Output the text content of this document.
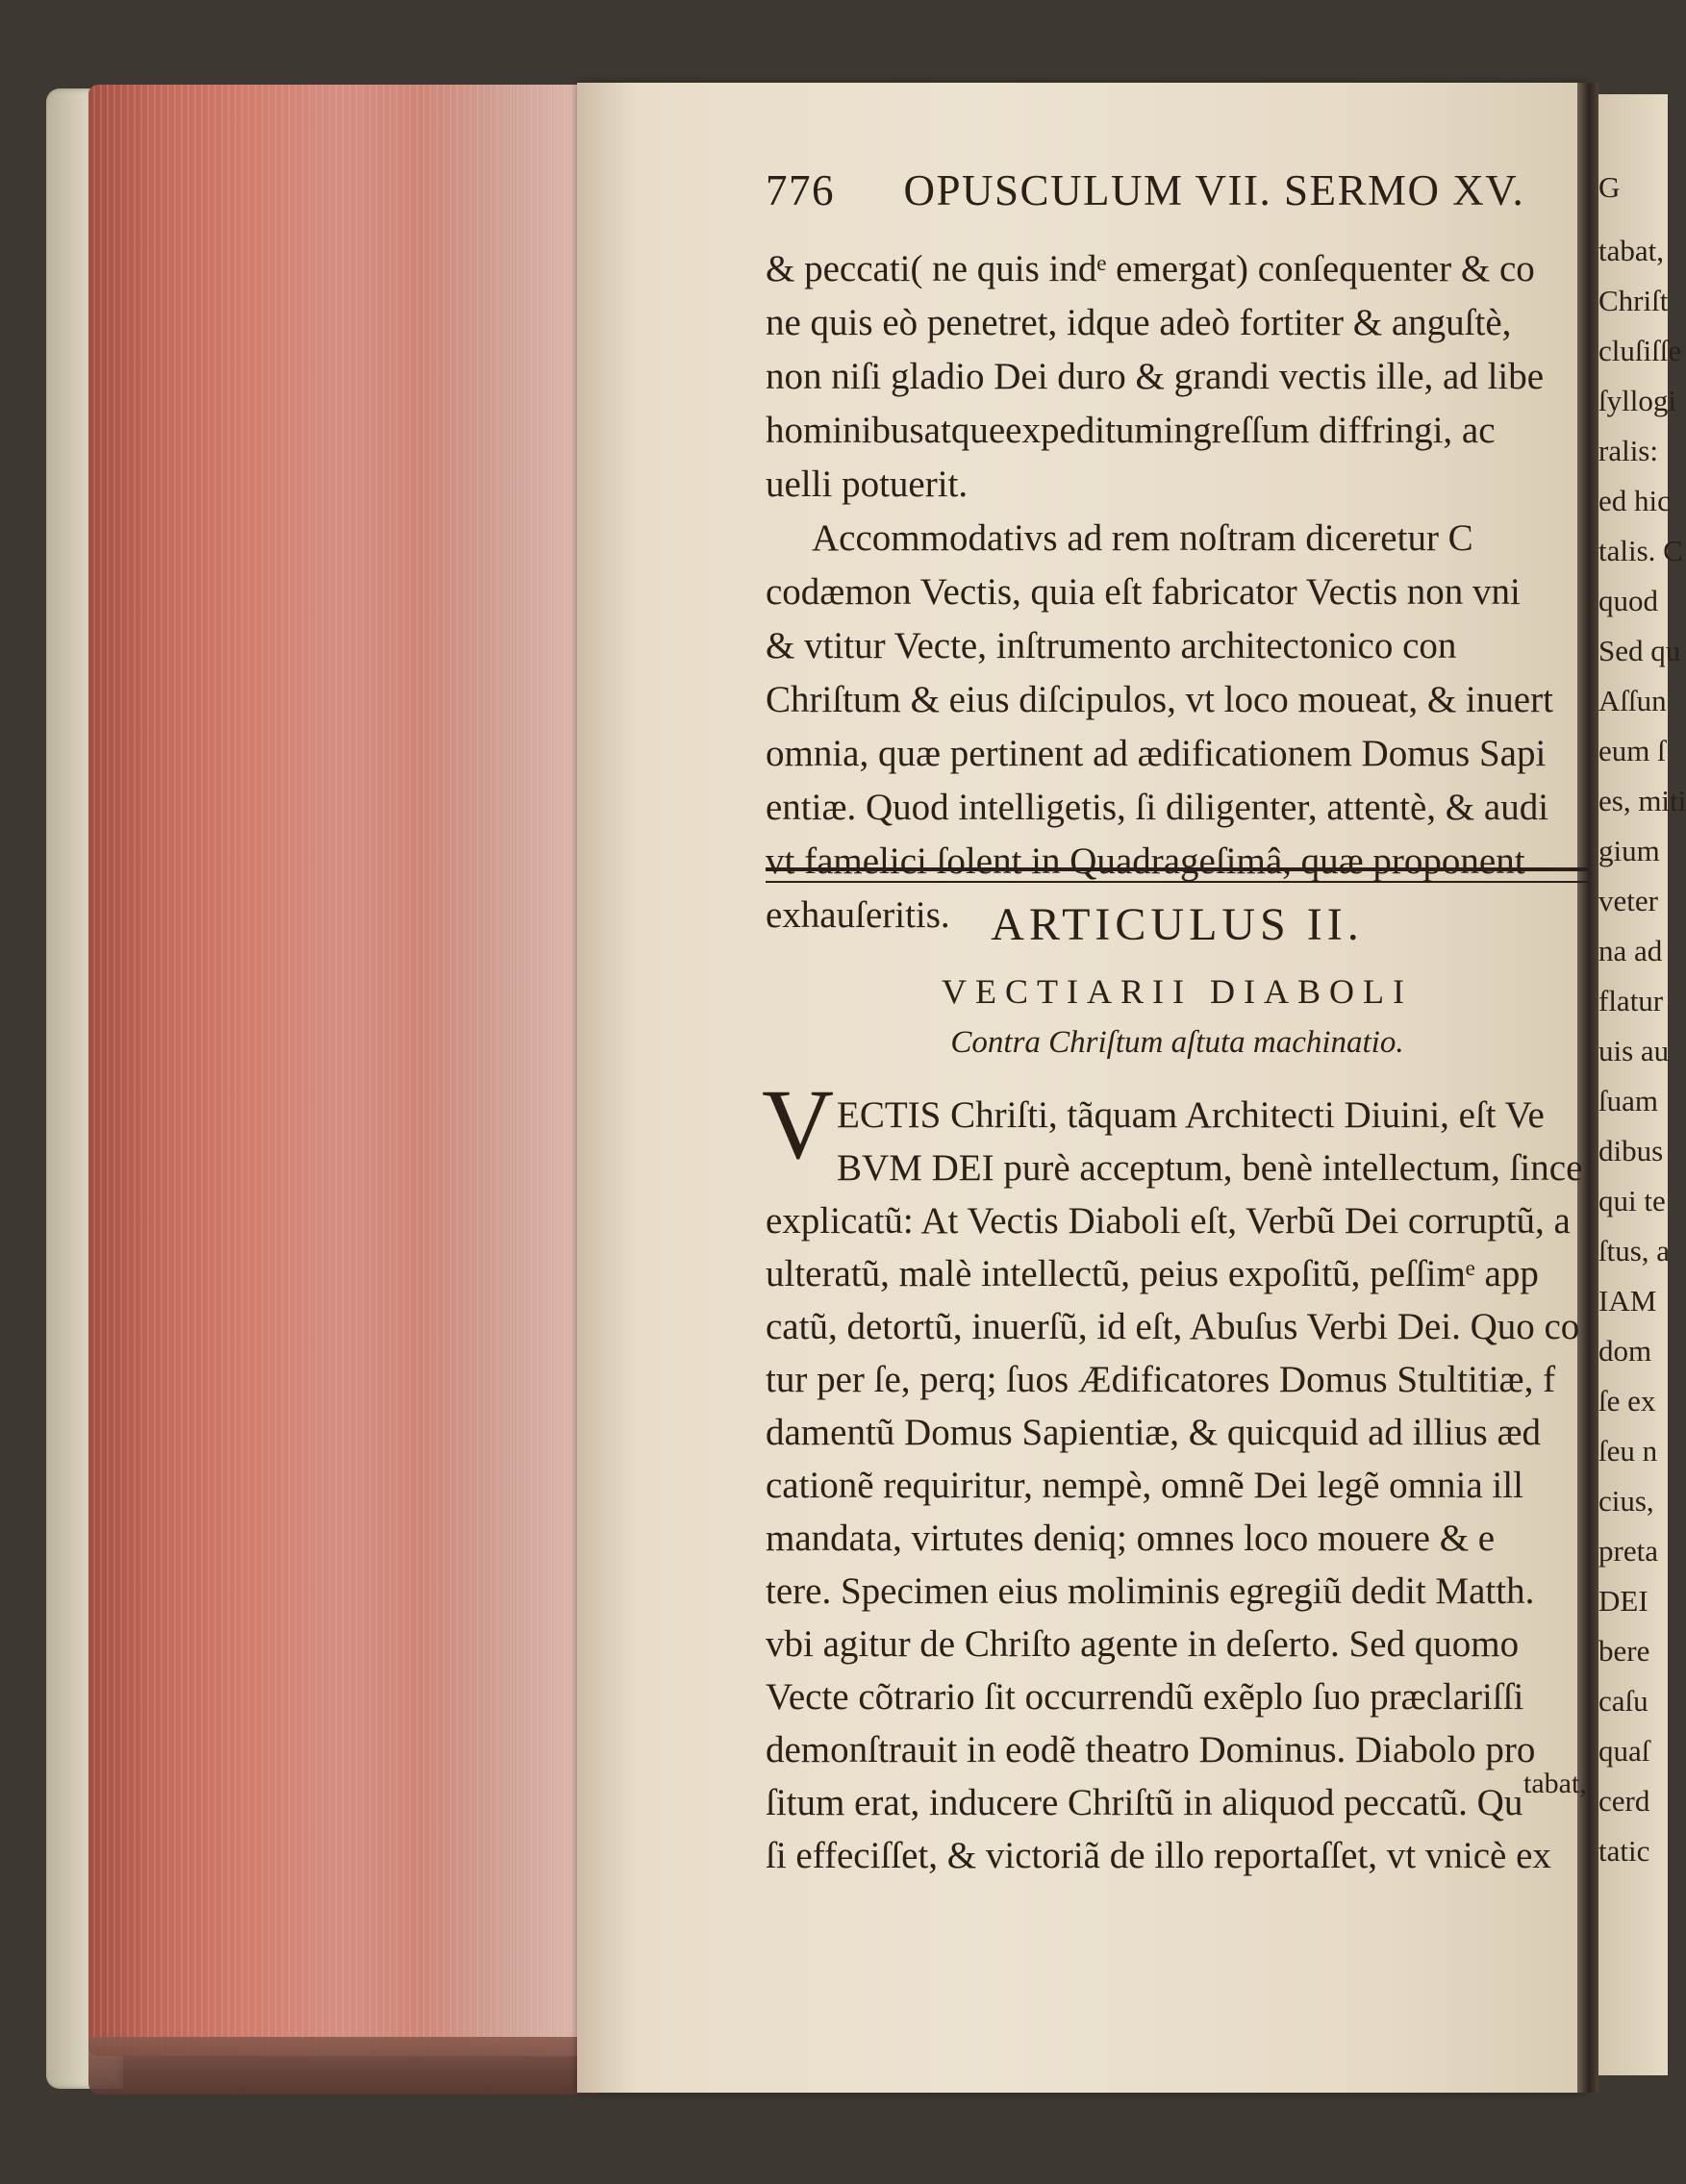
776 OPUSCULUM VII. SERMO XV.
& peccati( ne quis indᵉ emergat) conſequenter & co
ne quis eò penetret, idque adeò fortiter & anguſtè,
non niſi gladio Dei duro & grandi vectis ille, ad libe
hominibusatqueexpeditumingreſſum diffringi, ac
uelli potuerit.
Accommodativs ad rem noſtram diceretur C
codæmon Vectis, quia eſt fabricator Vectis non vni
& vtitur Vecte, inſtrumento architectonico con
Chriſtum & eius diſcipulos, vt loco moueat, & inuert
omnia, quæ pertinent ad ædificationem Domus Sapi
entiæ. Quod intelligetis, ſi diligenter, attentè, & audi
vt famelici ſolent in Quadrageſimâ, quæ proponent
exhauſeritis. ARTICULUS II.
VECTIARII DIABOLI
Contra Chriſtum aſtuta machinatio.
V ECTIS Chriſti, tãquam Architecti Diuini, eſt Ve
BVM DEI purè acceptum, benè intellectum, ſince
explicatũ: At Vectis Diaboli eſt, Verbũ Dei corruptũ, a
ulteratũ, malè intellectũ, peius expoſitũ, peſſimᵉ app
catũ, detortũ, inuerſũ, id eſt, Abuſus Verbi Dei. Quo co
tur per ſe, perq; ſuos Ædificatores Domus Stultitiæ, f
damentũ Domus Sapientiæ, & quicquid ad illius æd
cationẽ requiritur, nempè, omnẽ Dei legẽ omnia ill
mandata, virtutes deniq; omnes loco mouere & e
tere. Specimen eius moliminis egregiũ dedit Matth.
vbi agitur de Chriſto agente in deſerto. Sed quomo
Vecte cõtrario ſit occurrendũ exẽplo ſuo præclariſſi
demonſtrauit in eodẽ theatro Dominus. Diabolo pro
ſitum erat, inducere Chriſtũ in aliquod peccatũ. Qu
ſi effeciſſet, & victoriã de illo reportaſſet, vt vnicè ex
tabat,
G
tabat,
Chriſt
cluſiſſe
ſyllogi
ralis:
ed hic
talis. C
quod
Sed qu
Aſſun
eum ſ
es, miti
gium
veter
na ad
flatur
uis au
ſuam
dibus
qui te
ſtus, a
IAM
dom
ſe ex
ſeu n
cius,
preta
DEI
bere
caſu
quaſ
cerd
tatic
